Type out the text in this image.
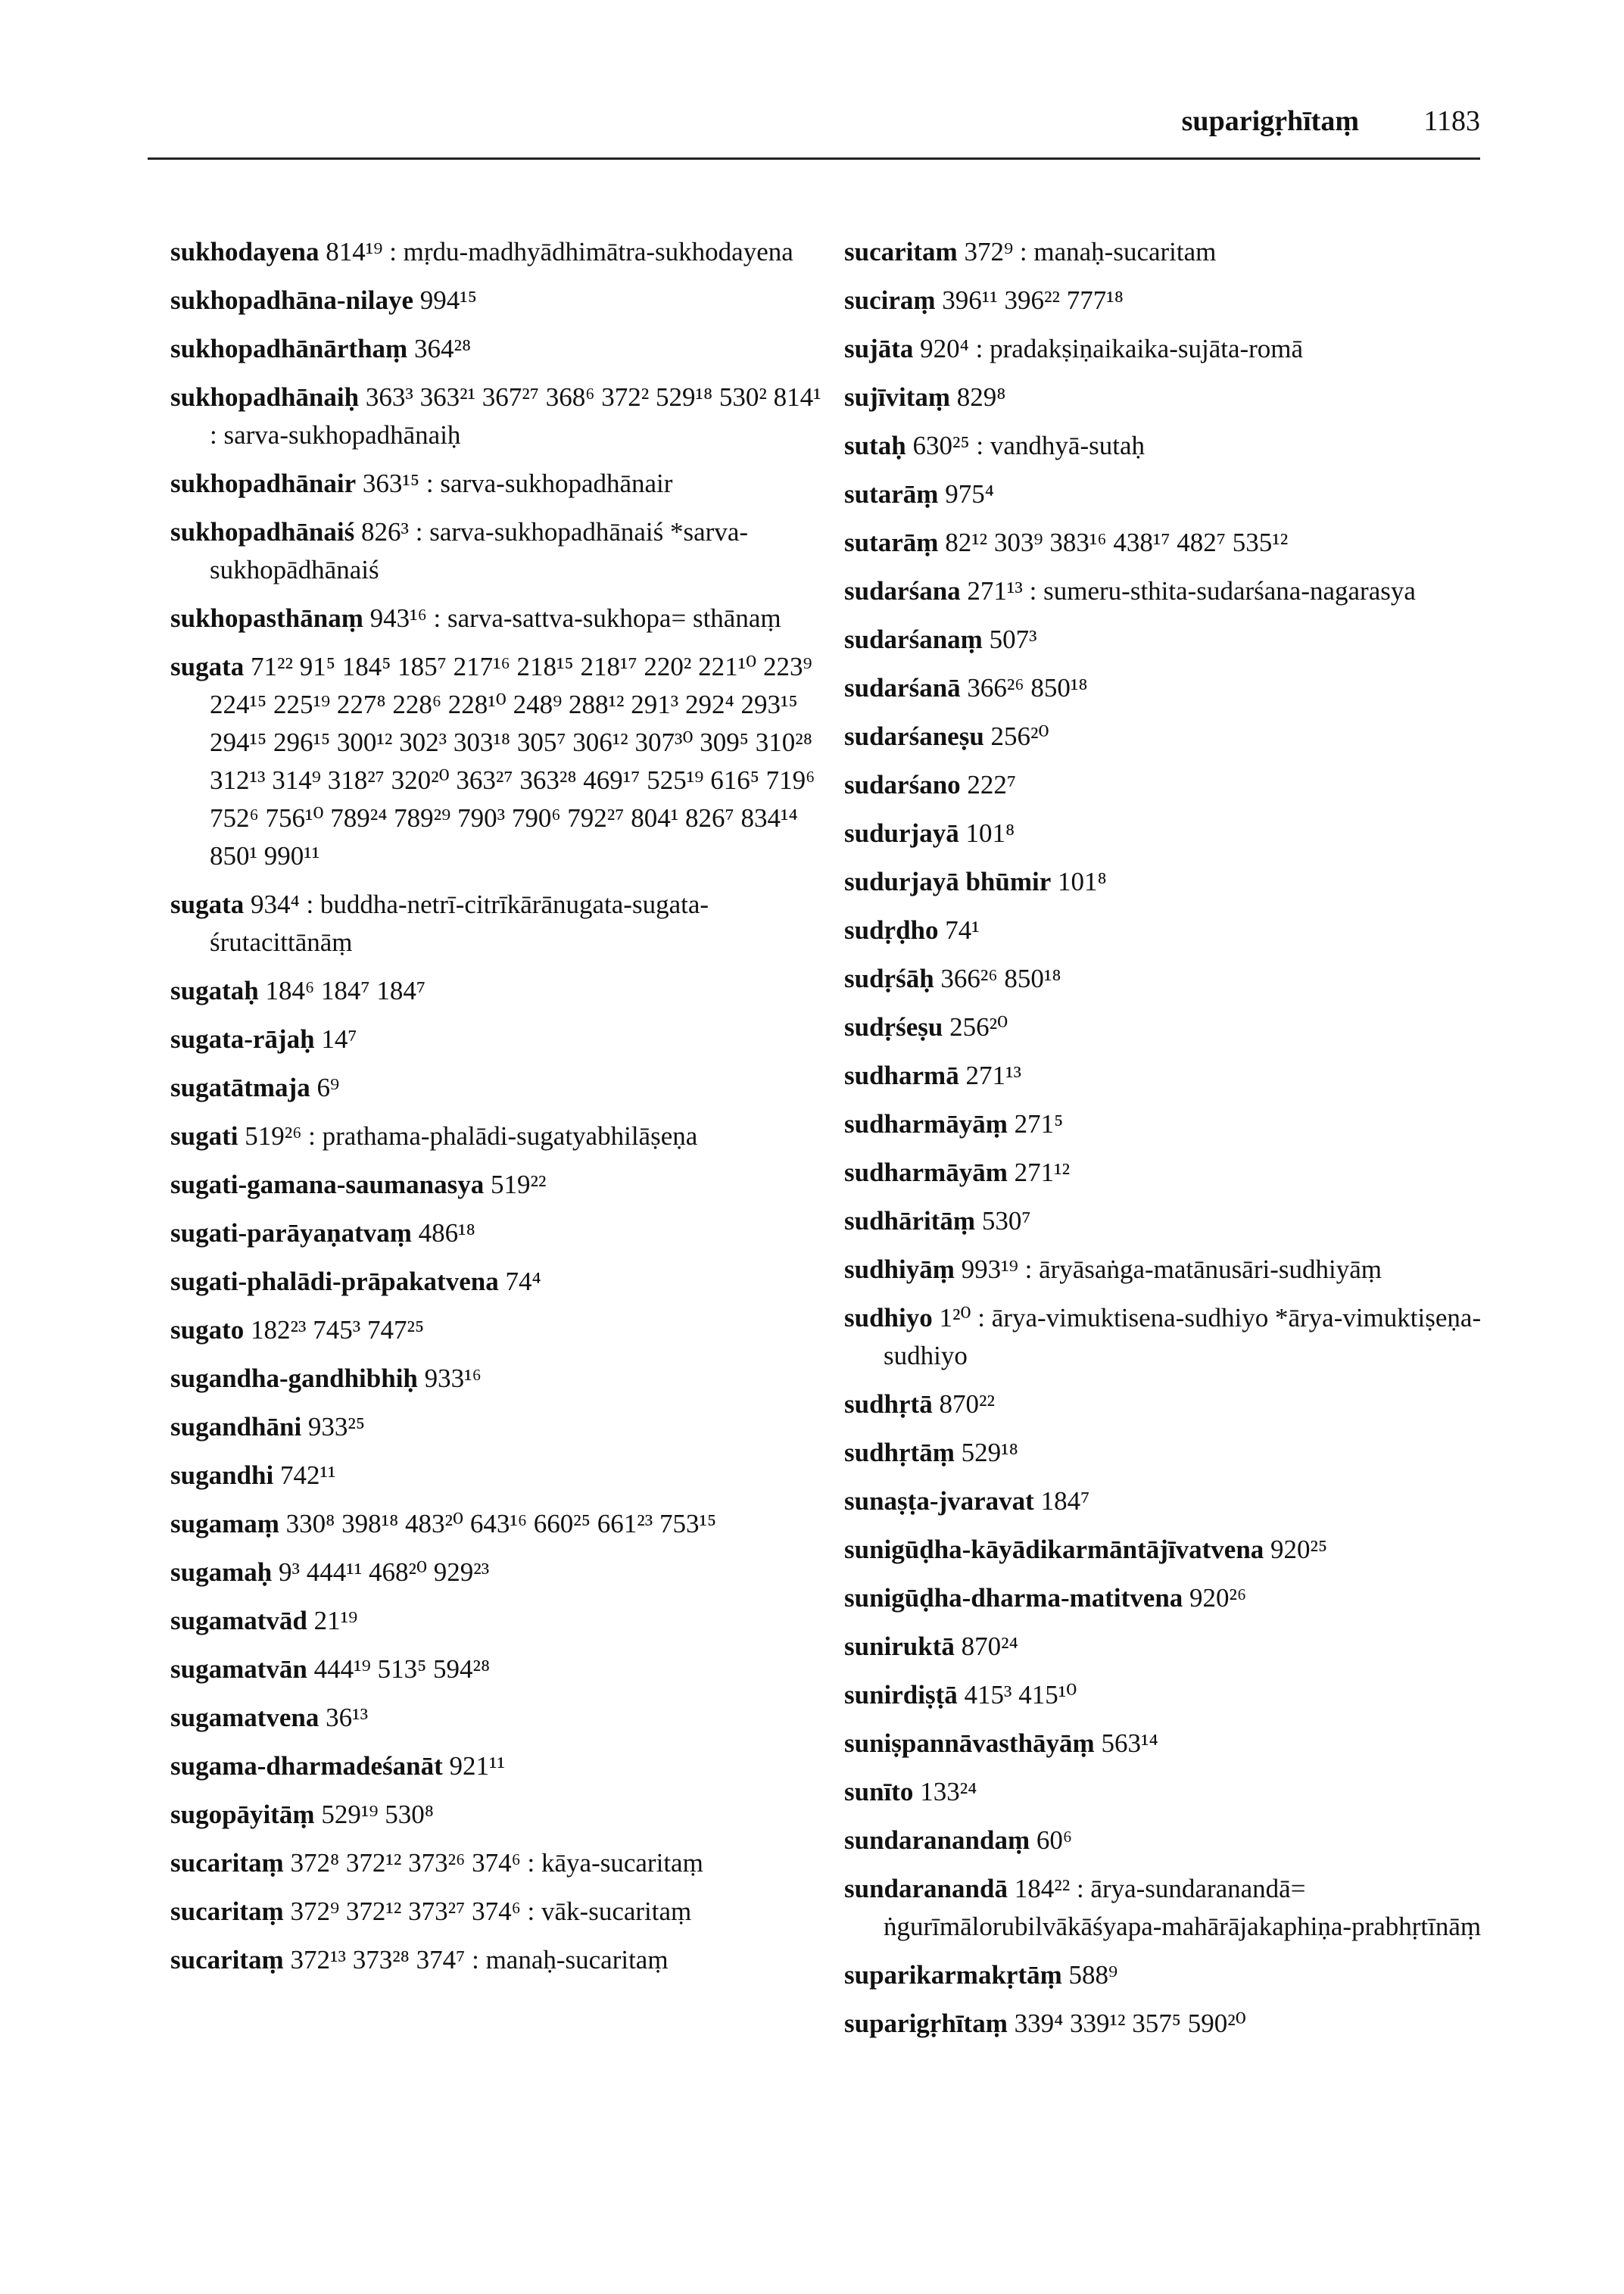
suparigṛhītaṃ 1183
sukhodayena 814¹⁹ : mṛdu-madhyādhimātra-sukhodayena
sukhopadhāna-nilaye 994¹⁵
sukhopadhānārthaṃ 364²⁸
sukhopadhānaiḥ 363³ 363²¹ 367²⁷ 368⁶ 372² 529¹⁸ 530² 814¹ : sarva-sukhopadhānaiḥ
sukhopadhānair 363¹⁵ : sarva-sukhopadhānair
sukhopadhānaiś 826³ : sarva-sukhopadhānaiś *sarva-sukhopādhānaiś
sukhopasthānaṃ 943¹⁶ : sarva-sattva-sukhopa= sthānaṃ
sugata 71²² 91⁵ 184⁵ 185⁷ 217¹⁶ 218¹⁵ 218¹⁷ 220² 221¹⁰ 223⁹ 224¹⁵ 225¹⁹ 227⁸ 228⁶ 228¹⁰ 248⁹ 288¹² 291³ 292⁴ 293¹⁵ 294¹⁵ 296¹⁵ 300¹² 302³ 303¹⁸ 305⁷ 306¹² 307³⁰ 309⁵ 310²⁸ 312¹³ 314⁹ 318²⁷ 320²⁰ 363²⁷ 363²⁸ 469¹⁷ 525¹⁹ 616⁵ 719⁶ 752⁶ 756¹⁰ 789²⁴ 789²⁹ 790³ 790⁶ 792²⁷ 804¹ 826⁷ 834¹⁴ 850¹ 990¹¹
sugata 934⁴ : buddha-netrī-citrīkārānugata-sugata-śrutacittānāṃ
sugataḥ 184⁶ 184⁷ 184⁷
sugata-rājaḥ 14⁷
sugatātmaja 6⁹
sugati 519²⁶ : prathama-phalādi-sugatyabhilāṣeṇa
sugati-gamana-saumanasya 519²²
sugati-parāyaṇatvaṃ 486¹⁸
sugati-phalādi-prāpakatvena 74⁴
sugato 182²³ 745³ 747²⁵
sugandha-gandhibhiḥ 933¹⁶
sugandhāni 933²⁵
sugandhi 742¹¹
sugamaṃ 330⁸ 398¹⁸ 483²⁰ 643¹⁶ 660²⁵ 661²³ 753¹⁵
sugamaḥ 9³ 444¹¹ 468²⁰ 929²³
sugamatvād 21¹⁹
sugamatvān 444¹⁹ 513⁵ 594²⁸
sugamatvena 36¹³
sugama-dharmadeśanāt 921¹¹
sugopāyitāṃ 529¹⁹ 530⁸
sucaritaṃ 372⁸ 372¹² 373²⁶ 374⁶ : kāya-sucaritaṃ
sucaritaṃ 372⁹ 372¹² 373²⁷ 374⁶ : vāk-sucaritaṃ
sucaritaṃ 372¹³ 373²⁸ 374⁷ : manaḥ-sucaritaṃ
sucaritam 372⁹ : manaḥ-sucaritam
suciraṃ 396¹¹ 396²² 777¹⁸
sujāta 920⁴ : pradakṣiṇaikaika-sujāta-romā
sujīvitaṃ 829⁸
sutaḥ 630²⁵ : vandhyā-sutaḥ
sutarāṃ 975⁴
sutarāṃ 82¹² 303⁹ 383¹⁶ 438¹⁷ 482⁷ 535¹²
sudarśana 271¹³ : sumeru-sthita-sudarśana-nagarasya
sudarśanaṃ 507³
sudarśanā 366²⁶ 850¹⁸
sudarśaneṣu 256²⁰
sudarśano 222⁷
sudurjayā 101⁸
sudurjayā bhūmir 101⁸
sudṛḍho 74¹
sudṛśāḥ 366²⁶ 850¹⁸
sudṛśeṣu 256²⁰
sudharmā 271¹³
sudharmāyāṃ 271⁵
sudharmāyām 271¹²
sudhāritāṃ 530⁷
sudhiyāṃ 993¹⁹ : āryāsaṅga-matānusāri-sudhiyāṃ
sudhiyo 1²⁰ : ārya-vimuktisena-sudhiyo *ārya-vimuktiṣeṇa-sudhiyo
sudhṛtā 870²²
sudhṛtāṃ 529¹⁸
sunaṣṭa-jvaravat 184⁷
sunigūḍha-kāyādikarmāntājīvatvena 920²⁵
sunigūḍha-dharma-matitvena 920²⁶
suniruktā 870²⁴
sunirdiṣṭā 415³ 415¹⁰
suniṣpannāvasthāyāṃ 563¹⁴
sunīto 133²⁴
sundaranandaṃ 60⁶
sundaranandā 184²² : ārya-sundaranandā= ṅgurīmālorubilvākāśyapa-mahārājakaphiṇa-prabhṛtīnāṃ
suparikarmakṛtāṃ 588⁹
suparigṛhītaṃ 339⁴ 339¹² 357⁵ 590²⁰
